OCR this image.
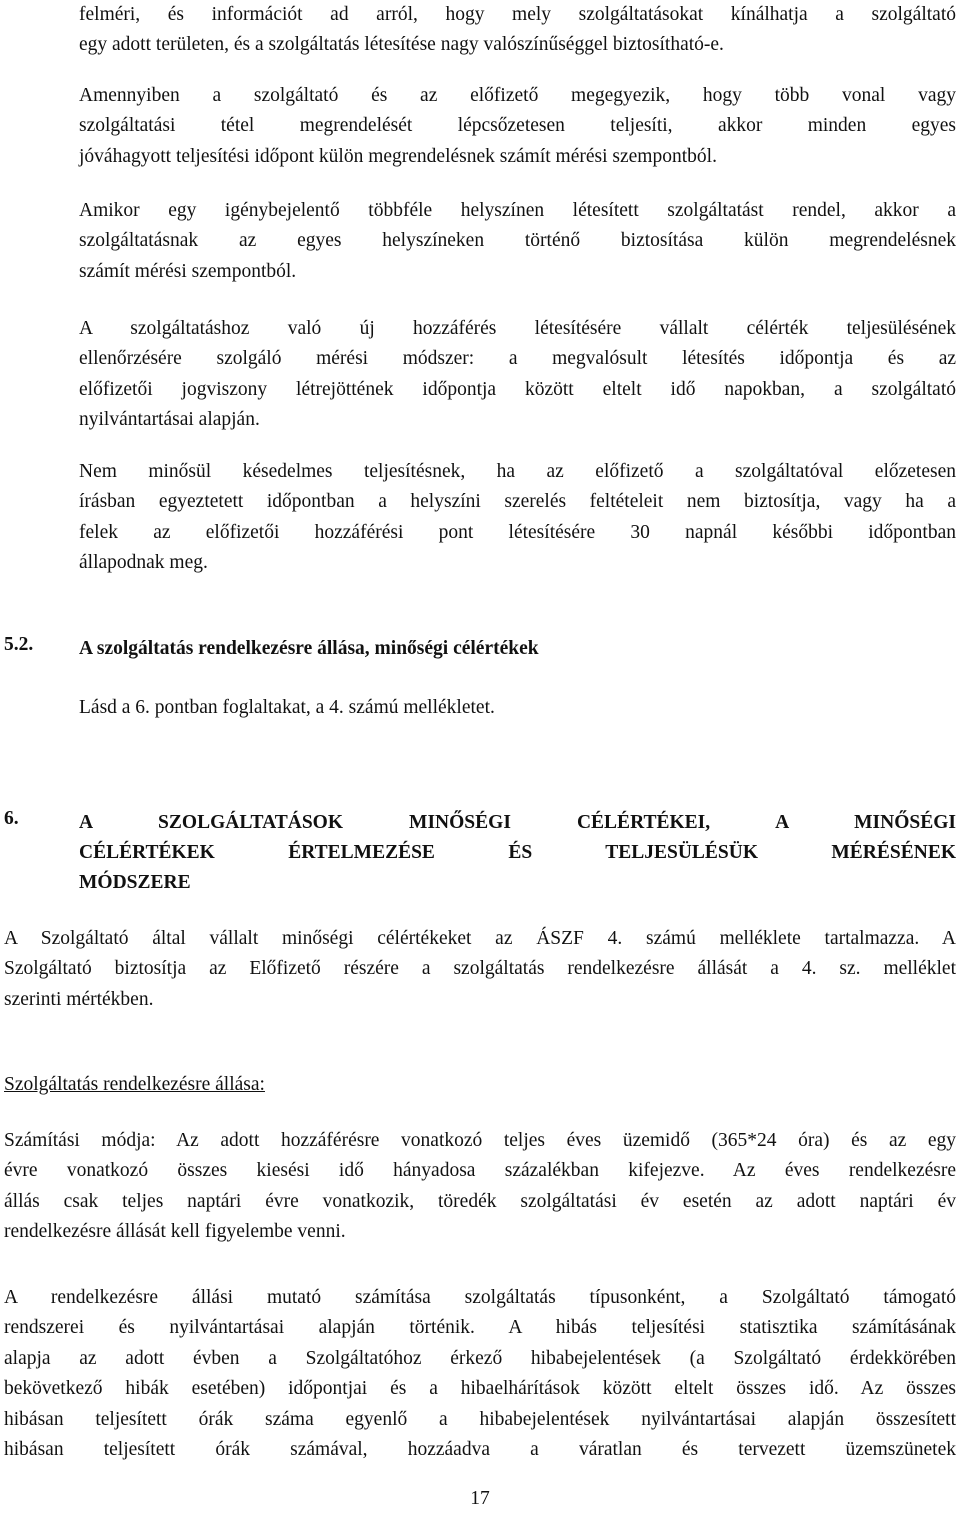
felméri, és információt ad arról, hogy mely szolgáltatásokat kínálhatja a szolgáltató
egy adott területen, és a szolgáltatás létesítése nagy valószínűséggel biztosítható-e.
Amennyiben a szolgáltató és az előfizető megegyezik, hogy több vonal vagy
szolgáltatási tétel megrendelését lépcsőzetesen teljesíti, akkor minden egyes
jóváhagyott teljesítési időpont külön megrendelésnek számít mérési szempontból.
Amikor egy igénybejelentő többféle helyszínen létesített szolgáltatást rendel, akkor a
szolgáltatásnak az egyes helyszíneken történő biztosítása külön megrendelésnek
számít mérési szempontból.
A szolgáltatáshoz való új hozzáférés létesítésére vállalt célérték teljesülésének
ellenőrzésére szolgáló mérési módszer: a megvalósult létesítés időpontja és az
előfizetői jogviszony létrejöttének időpontja között eltelt idő napokban, a szolgáltató
nyilvántartásai alapján.
Nem minősül késedelmes teljesítésnek, ha az előfizető a szolgáltatóval előzetesen
írásban egyeztetett időpontban a helyszíni szerelés feltételeit nem biztosítja, vagy ha a
felek az előfizetői hozzáférési pont létesítésére 30 napnál későbbi időpontban
állapodnak meg.
5.2. A szolgáltatás rendelkezésre állása, minőségi célértékek
Lásd a 6. pontban foglaltakat, a 4. számú mellékletet.
6.	A SZOLGÁLTATÁSOK MINŐSÉGI CÉLÉRTÉKEI, A MINŐSÉGI
CÉLÉRTÉKEK ÉRTELMEZÉSE ÉS TELJESÜLÉSÜK MÉRÉSÉNEK
MÓDSZERE
A Szolgáltató által vállalt minőségi célértékeket az ÁSZF 4. számú melléklete tartalmazza. A
Szolgáltató biztosítja az Előfizető részére a szolgáltatás rendelkezésre állását a 4. sz. melléklet
szerinti mértékben.
Szolgáltatás rendelkezésre állása:
Számítási módja: Az adott hozzáférésre vonatkozó teljes éves üzemidő (365*24 óra) és az egy
évre vonatkozó összes kiesési idő hányadosa százalékban kifejezve. Az éves rendelkezésre
állás csak teljes naptári évre vonatkozik, töredék szolgáltatási év esetén az adott naptári év
rendelkezésre állását kell figyelembe venni.
A rendelkezésre állási mutató számítása szolgáltatás típusonként, a Szolgáltató támogató
rendszerei és nyilvántartásai alapján történik. A hibás teljesítési statisztika számításának
alapja az adott évben a Szolgáltatóhoz érkező hibabejelentések (a Szolgáltató érdekkörében
bekövetkező hibák esetében) időpontjai és a hibaelhárítások között eltelt összes idő. Az összes
hibásan teljesített órák száma egyenlő a hibabejelentések nyilvántartásai alapján összesített
hibásan teljesített órák számával, hozzáadva a váratlan és tervezett üzemszünetek
17
